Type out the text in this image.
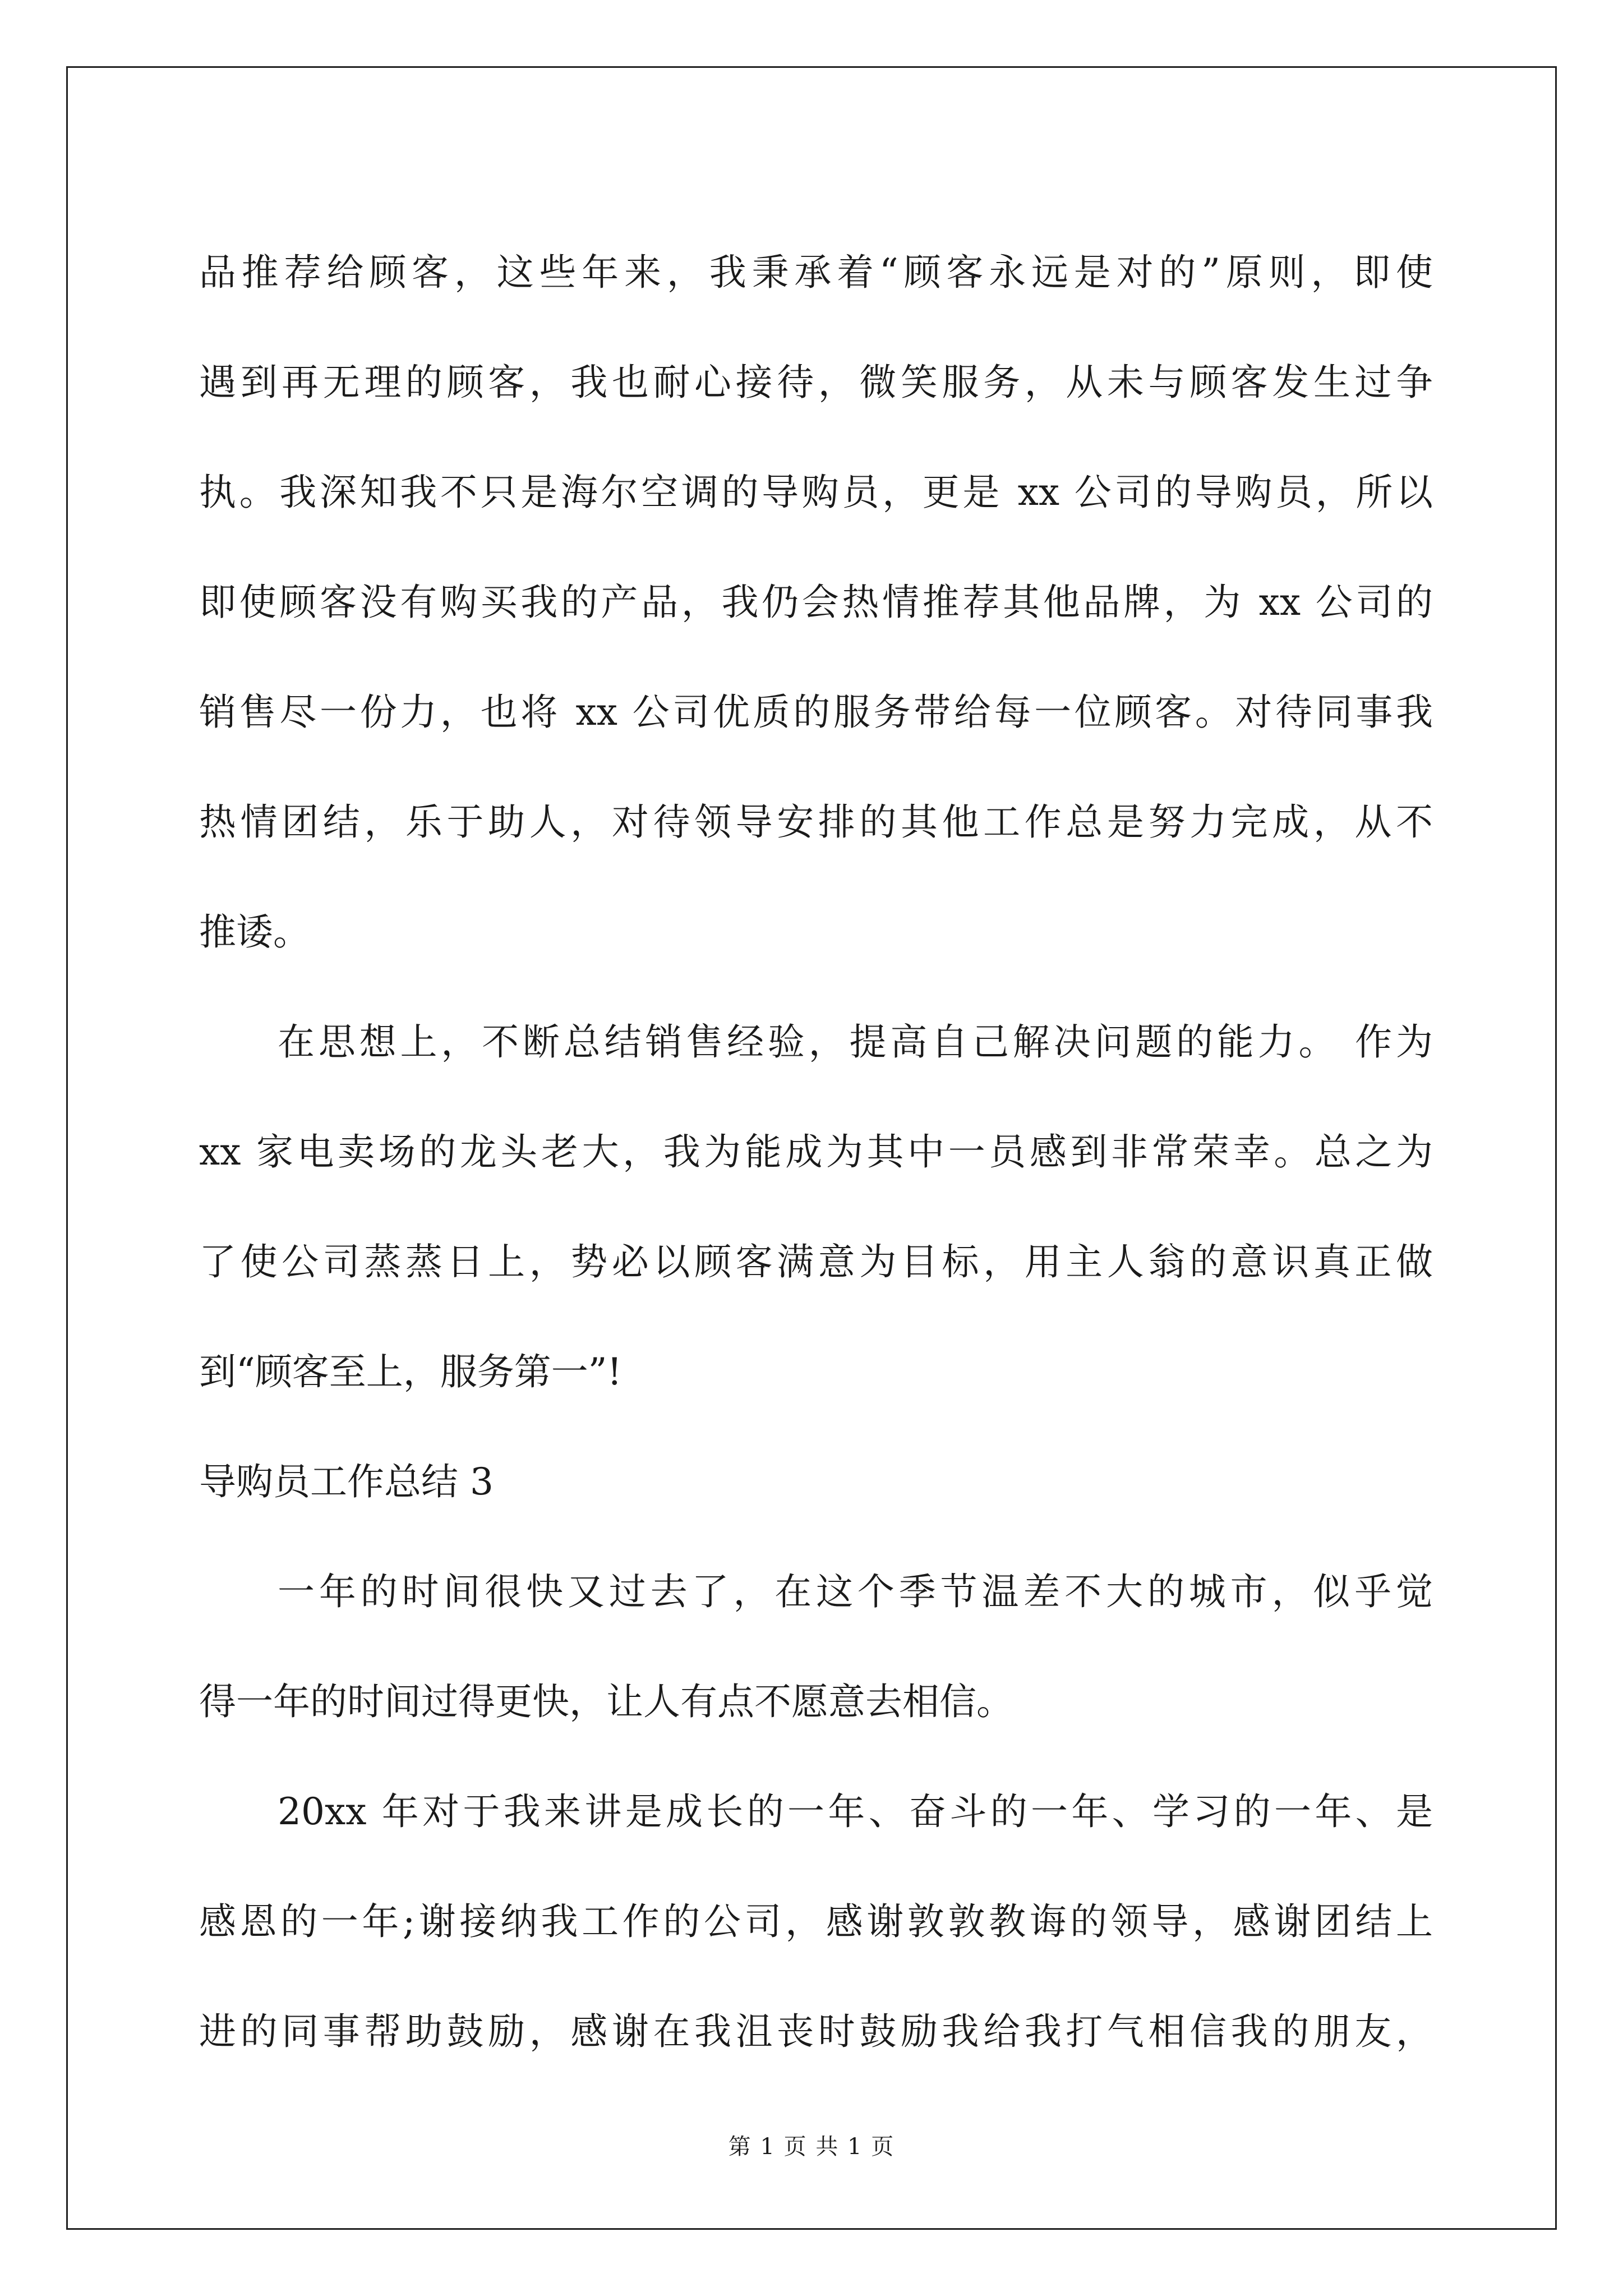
品推荐给顾客，这些年来，我秉承着“顾客永远是对的”原则，即使
遇到再无理的顾客，我也耐心接待，微笑服务，从未与顾客发生过争
执。我深知我不只是海尔空调的导购员，更是 xx 公司的导购员，所以
即使顾客没有购买我的产品，我仍会热情推荐其他品牌，为 xx 公司的
销售尽一份力，也将 xx 公司优质的服务带给每一位顾客。对待同事我
热情团结，乐于助人，对待领导安排的其他工作总是努力完成，从不
推诿。
在思想上，不断总结销售经验，提高自己解决问题的能力。 作为
xx 家电卖场的龙头老大，我为能成为其中一员感到非常荣幸。总之为
了使公司蒸蒸日上，势必以顾客满意为目标，用主人翁的意识真正做
到“顾客至上，服务第一”!
导购员工作总结 3
一年的时间很快又过去了，在这个季节温差不大的城市，似乎觉
得一年的时间过得更快，让人有点不愿意去相信。
20xx 年对于我来讲是成长的一年、奋斗的一年、学习的一年、是
感恩的一年;谢接纳我工作的公司，感谢敦敦教诲的领导，感谢团结上
进的同事帮助鼓励，感谢在我沮丧时鼓励我给我打气相信我的朋友，
第 1 页 共 1 页
